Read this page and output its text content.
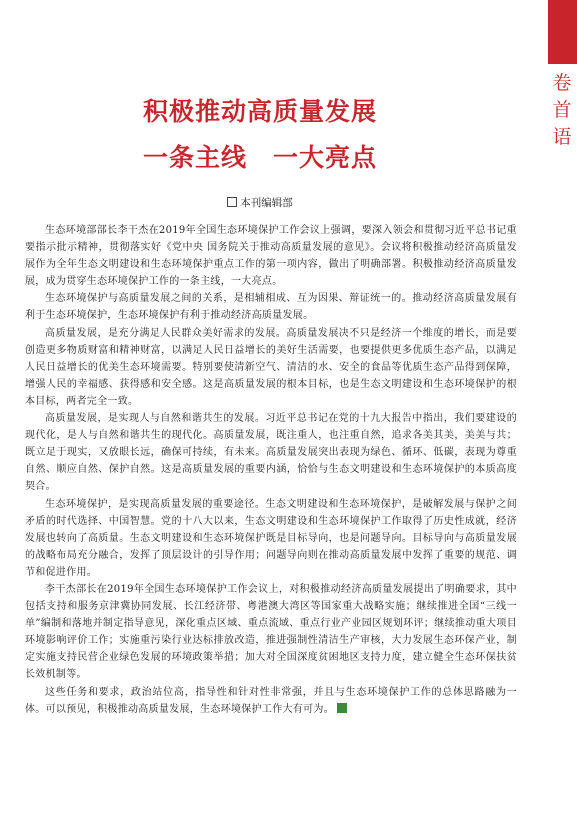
卷首语
积极推动高质量发展
一条主线　一大亮点
本刊编辑部

生态环境部部长李干杰在2019年全国生态环境保护工作会议上强调，要深入领会和贯彻习近平总书记重要指示批示精神，贯彻落实好《党中央 国务院关于推动高质量发展的意见》。会议将积极推动经济高质量发展作为全年生态文明建设和生态环境保护重点工作的第一项内容，做出了明确部署。积极推动经济高质量发展，成为贯穿生态环境保护工作的一条主线，一大亮点。

生态环境保护与高质量发展之间的关系，是相辅相成、互为因果、辩证统一的。推动经济高质量发展有利于生态环境保护，生态环境保护有利于推动经济高质量发展。

高质量发展，是充分满足人民群众美好需求的发展。高质量发展决不只是经济一个维度的增长，而是要创造更多物质财富和精神财富，以满足人民日益增长的美好生活需要，也要提供更多优质生态产品，以满足人民日益增长的优美生态环境需要。特别要使清新空气、清洁的水、安全的食品等优质生态产品得到保障，增强人民的幸福感、获得感和安全感。这是高质量发展的根本目标，也是生态文明建设和生态环境保护的根本目标，两者完全一致。

高质量发展，是实现人与自然和谐共生的发展。习近平总书记在党的十九大报告中指出，我们要建设的现代化，是人与自然和谐共生的现代化。高质量发展，既注重人，也注重自然，追求各美其美，美美与共；既立足于现实，又放眼长远，确保可持续，有未来。高质量发展突出表现为绿色、循环、低碳，表现为尊重自然、顺应自然、保护自然。这是高质量发展的重要内涵，恰恰与生态文明建设和生态环境保护的本质高度契合。

生态环境保护，是实现高质量发展的重要途径。生态文明建设和生态环境保护，是破解发展与保护之间矛盾的时代选择、中国智慧。党的十八大以来，生态文明建设和生态环境保护工作取得了历史性成就，经济发展也转向了高质量。生态文明建设和生态环境保护既是目标导向，也是问题导向。目标导向与高质量发展的战略布局充分融合，发挥了顶层设计的引导作用；问题导向则在推动高质量发展中发挥了重要的规范、调节和促进作用。

李干杰部长在2019年全国生态环境保护工作会议上，对积极推动经济高质量发展提出了明确要求，其中包括支持和服务京津冀协同发展、长江经济带、粤港澳大湾区等国家重大战略实施；继续推进全国“三线一单”编制和落地并制定指导意见，深化重点区域、重点流域、重点行业产业园区规划环评；继续推动重大项目环境影响评价工作；实施重污染行业达标排放改造，推进强制性清洁生产审核，大力发展生态环保产业，制定实施支持民营企业绿色发展的环境政策举措；加大对全国深度贫困地区支持力度，建立健全生态环保扶贫长效机制等。

这些任务和要求，政治站位高，指导性和针对性非常强，并且与生态环境保护工作的总体思路融为一体。可以预见，积极推动高质量发展，生态环境保护工作大有可为。
